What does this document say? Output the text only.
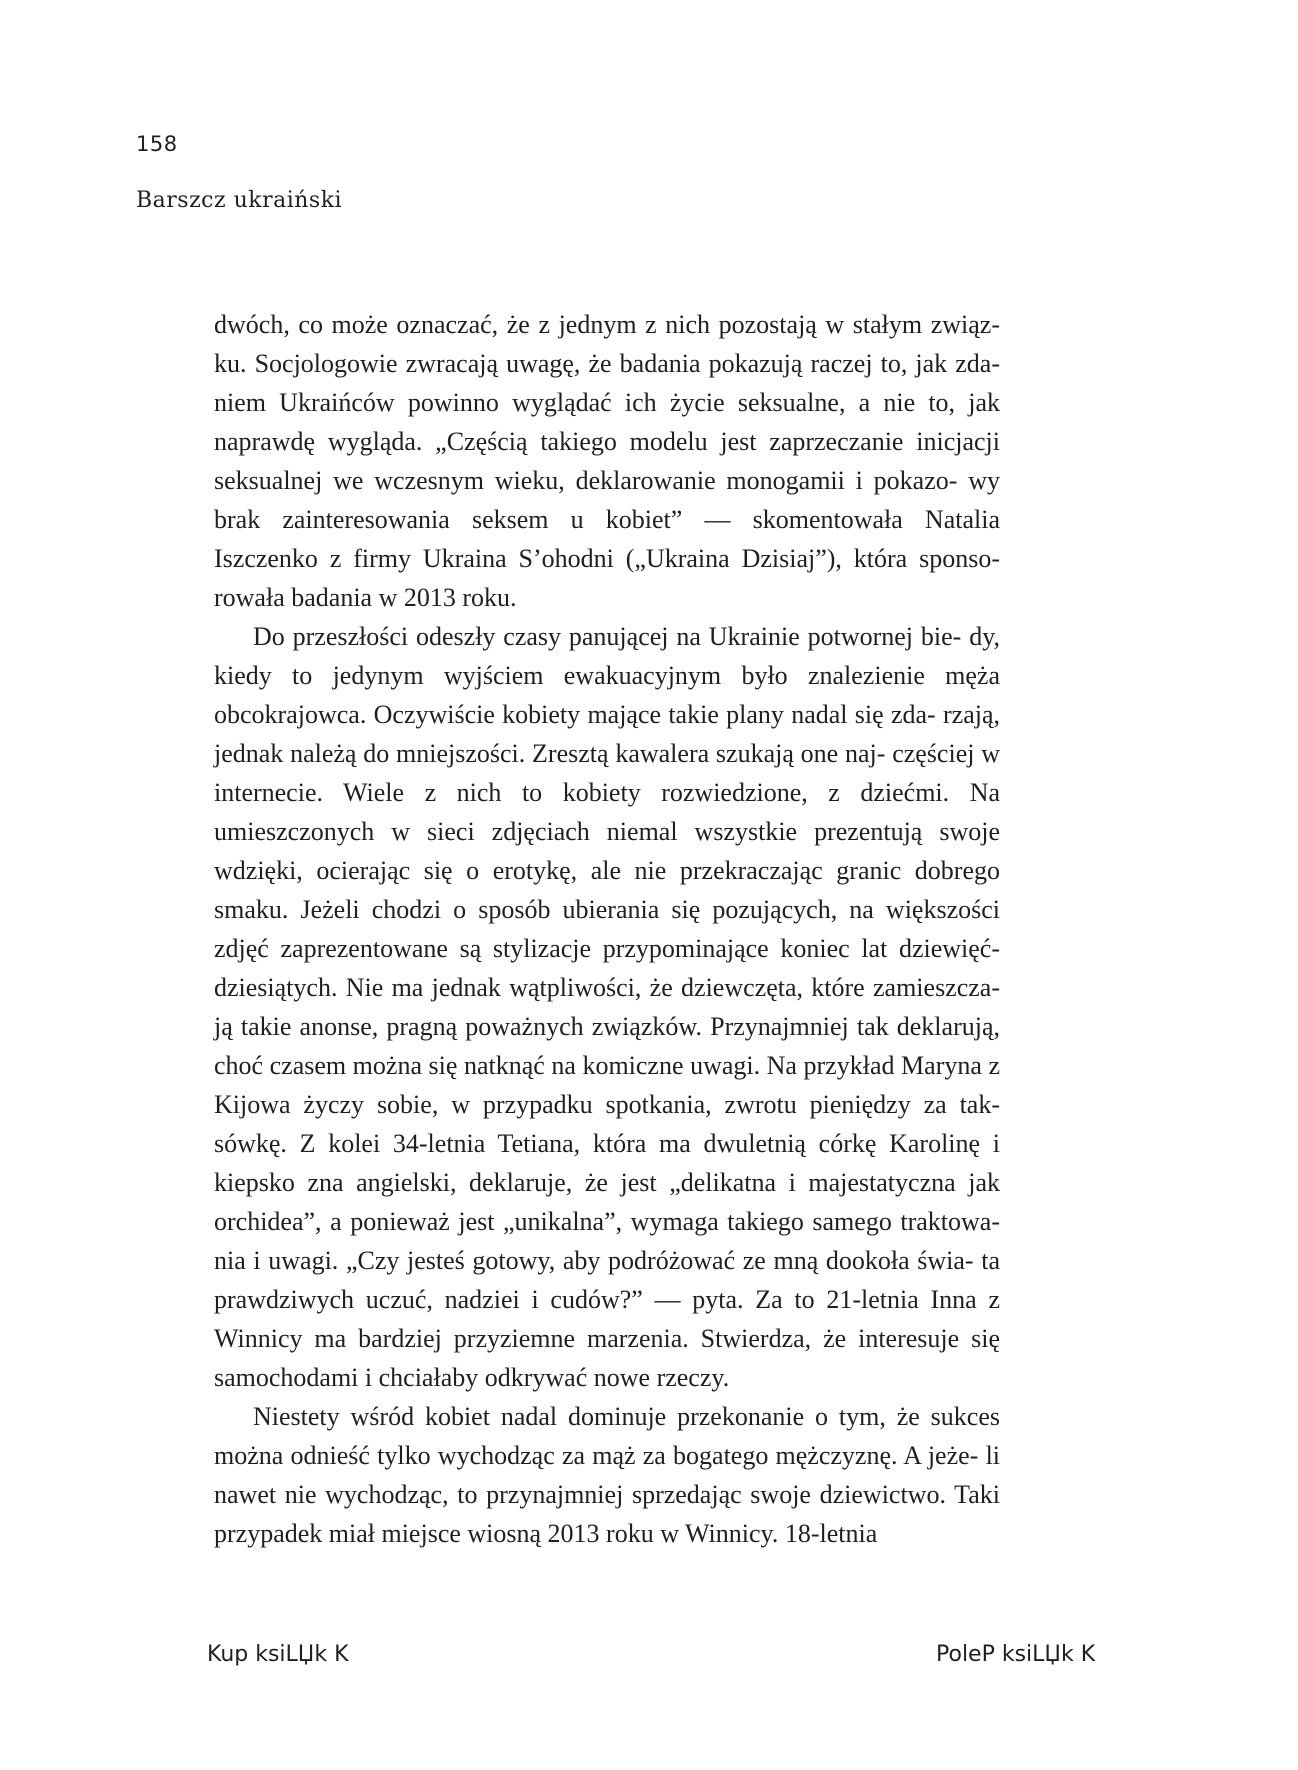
158
Barszcz ukraiński

dwóch, co może oznaczać, że z jednym z nich pozostają w stałym związ- ku. Socjologowie zwracają uwagę, że badania pokazują raczej to, jak zda- niem Ukraińców powinno wyglądać ich życie seksualne, a nie to, jak naprawdę wygląda. „Częścią takiego modelu jest zaprzeczanie inicjacji seksualnej we wczesnym wieku, deklarowanie monogamii i pokazo- wy brak zainteresowania seksem u kobiet” — skomentowała Natalia Iszczenko z firmy Ukraina S’ohodni („Ukraina Dzisiaj”), która sponso- rowała badania w 2013 roku.

Do przeszłości odeszły czasy panującej na Ukrainie potwornej bie- dy, kiedy to jedynym wyjściem ewakuacyjnym było znalezienie męża obcokrajowca. Oczywiście kobiety mające takie plany nadal się zda- rzają, jednak należą do mniejszości. Zresztą kawalera szukają one naj- częściej w internecie. Wiele z nich to kobiety rozwiedzione, z dziećmi. Na umieszczonych w sieci zdjęciach niemal wszystkie prezentują swoje wdzięki, ocierając się o erotykę, ale nie przekraczając granic dobrego smaku. Jeżeli chodzi o sposób ubierania się pozujących, na większości zdjęć zaprezentowane są stylizacje przypominające koniec lat dziewięć- dziesiątych. Nie ma jednak wątpliwości, że dziewczęta, które zamieszcza- ją takie anonse, pragną poważnych związków. Przynajmniej tak deklarują, choć czasem można się natknąć na komiczne uwagi. Na przykład Maryna z Kijowa życzy sobie, w przypadku spotkania, zwrotu pieniędzy za tak- sówkę. Z kolei 34-letnia Tetiana, która ma dwuletnią córkę Karolinę i kiepsko zna angielski, deklaruje, że jest „delikatna i majestatyczna jak orchidea”, a ponieważ jest „unikalna”, wymaga takiego samego traktowa- nia i uwagi. „Czy jesteś gotowy, aby podróżować ze mną dookoła świa- ta prawdziwych uczuć, nadziei i cudów?” — pyta. Za to 21-letnia Inna z Winnicy ma bardziej przyziemne marzenia. Stwierdza, że interesuje się samochodami i chciałaby odkrywać nowe rzeczy.

Niestety wśród kobiet nadal dominuje przekonanie o tym, że sukces można odnieść tylko wychodząc za mąż za bogatego mężczyznę. A jeże- li nawet nie wychodząc, to przynajmniej sprzedając swoje dziewictwo. Taki przypadek miał miejsce wiosną 2013 roku w Winnicy. 18-letnia

Kup ksiLЏk K	PoleP ksiLЏk K
